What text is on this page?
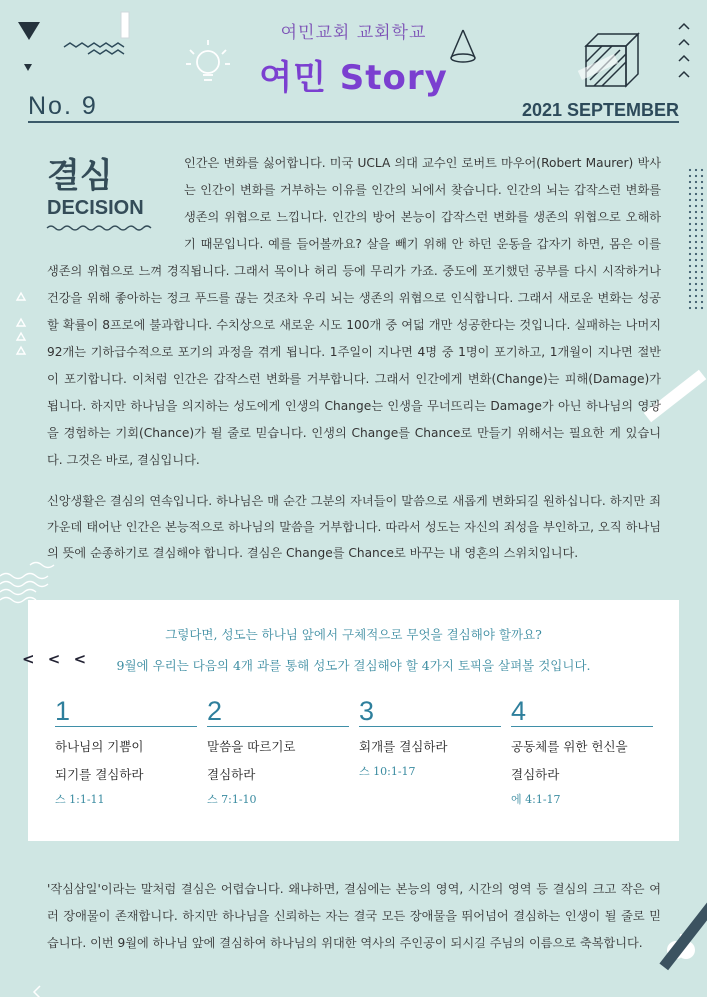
여민교회 교회학교
여민 Story
No. 9	2021 SEPTEMBER
결심
DECISION
인간은 변화를 싫어합니다. 미국 UCLA 의대 교수인 로버트 마우어(Robert Maurer) 박사는 인간이 변화를 거부하는 이유를 인간의 뇌에서 찾습니다. 인간의 뇌는 갑작스런 변화를 생존의 위협으로 느낍니다. 인간의 방어 본능이 갑작스런 변화를 생존의 위협으로 오해하기 때문입니다. 예를 들어볼까요? 살을 빼기 위해 안 하던 운동을 갑자기 하면, 몸은 이를 생존의 위협으로 느껴 경직됩니다. 그래서 목이나 허리 등에 무리가 가죠. 중도에 포기했던 공부를 다시 시작하거나 건강을 위해 좋아하는 정크 푸드를 끊는 것조차 우리 뇌는 생존의 위협으로 인식합니다. 그래서 새로운 변화는 성공할 확률이 8프로에 불과합니다. 수치상으로 새로운 시도 100개 중 여덟 개만 성공한다는 것입니다. 실패하는 나머지 92개는 기하급수적으로 포기의 과정을 겪게 됩니다. 1주일이 지나면 4명 중 1명이 포기하고, 1개월이 지나면 절반이 포기합니다. 이처럼 인간은 갑작스런 변화를 거부합니다. 그래서 인간에게 변화(Change)는 피해(Damage)가 됩니다. 하지만 하나님을 의지하는 성도에게 인생의 Change는 인생을 무너뜨리는 Damage가 아닌 하나님의 영광을 경험하는 기회(Chance)가 될 줄로 믿습니다. 인생의 Change를 Chance로 만들기 위해서는 필요한 게 있습니다. 그것은 바로, 결심입니다.
신앙생활은 결심의 연속입니다. 하나님은 매 순간 그분의 자녀들이 말씀으로 새롭게 변화되길 원하십니다. 하지만 죄 가운데 태어난 인간은 본능적으로 하나님의 말씀을 거부합니다. 따라서 성도는 자신의 죄성을 부인하고, 오직 하나님의 뜻에 순종하기로 결심해야 합니다. 결심은 Change를 Chance로 바꾸는 내 영혼의 스위치입니다.
< < <
그렇다면, 성도는 하나님 앞에서 구체적으로 무엇을 결심해야 할까요?
9월에 우리는 다음의 4개 과를 통해 성도가 결심해야 할 4가지 토픽을 살펴볼 것입니다.
1
하나님의 기쁨이
되기를 결심하라
스 1:1-11
2
말씀을 따르기로
결심하라
스 7:1-10
3
회개를 결심하라
스 10:1-17
4
공동체를 위한 헌신을
결심하라
에 4:1-17
'작심삼일'이라는 말처럼 결심은 어렵습니다. 왜냐하면, 결심에는 본능의 영역, 시간의 영역 등 결심의 크고 작은 여러 장애물이 존재합니다. 하지만 하나님을 신뢰하는 자는 결국 모든 장애물을 뛰어넘어 결심하는 인생이 될 줄로 믿습니다. 이번 9월에 하나님 앞에 결심하여 하나님의 위대한 역사의 주인공이 되시길 주님의 이름으로 축복합니다.
